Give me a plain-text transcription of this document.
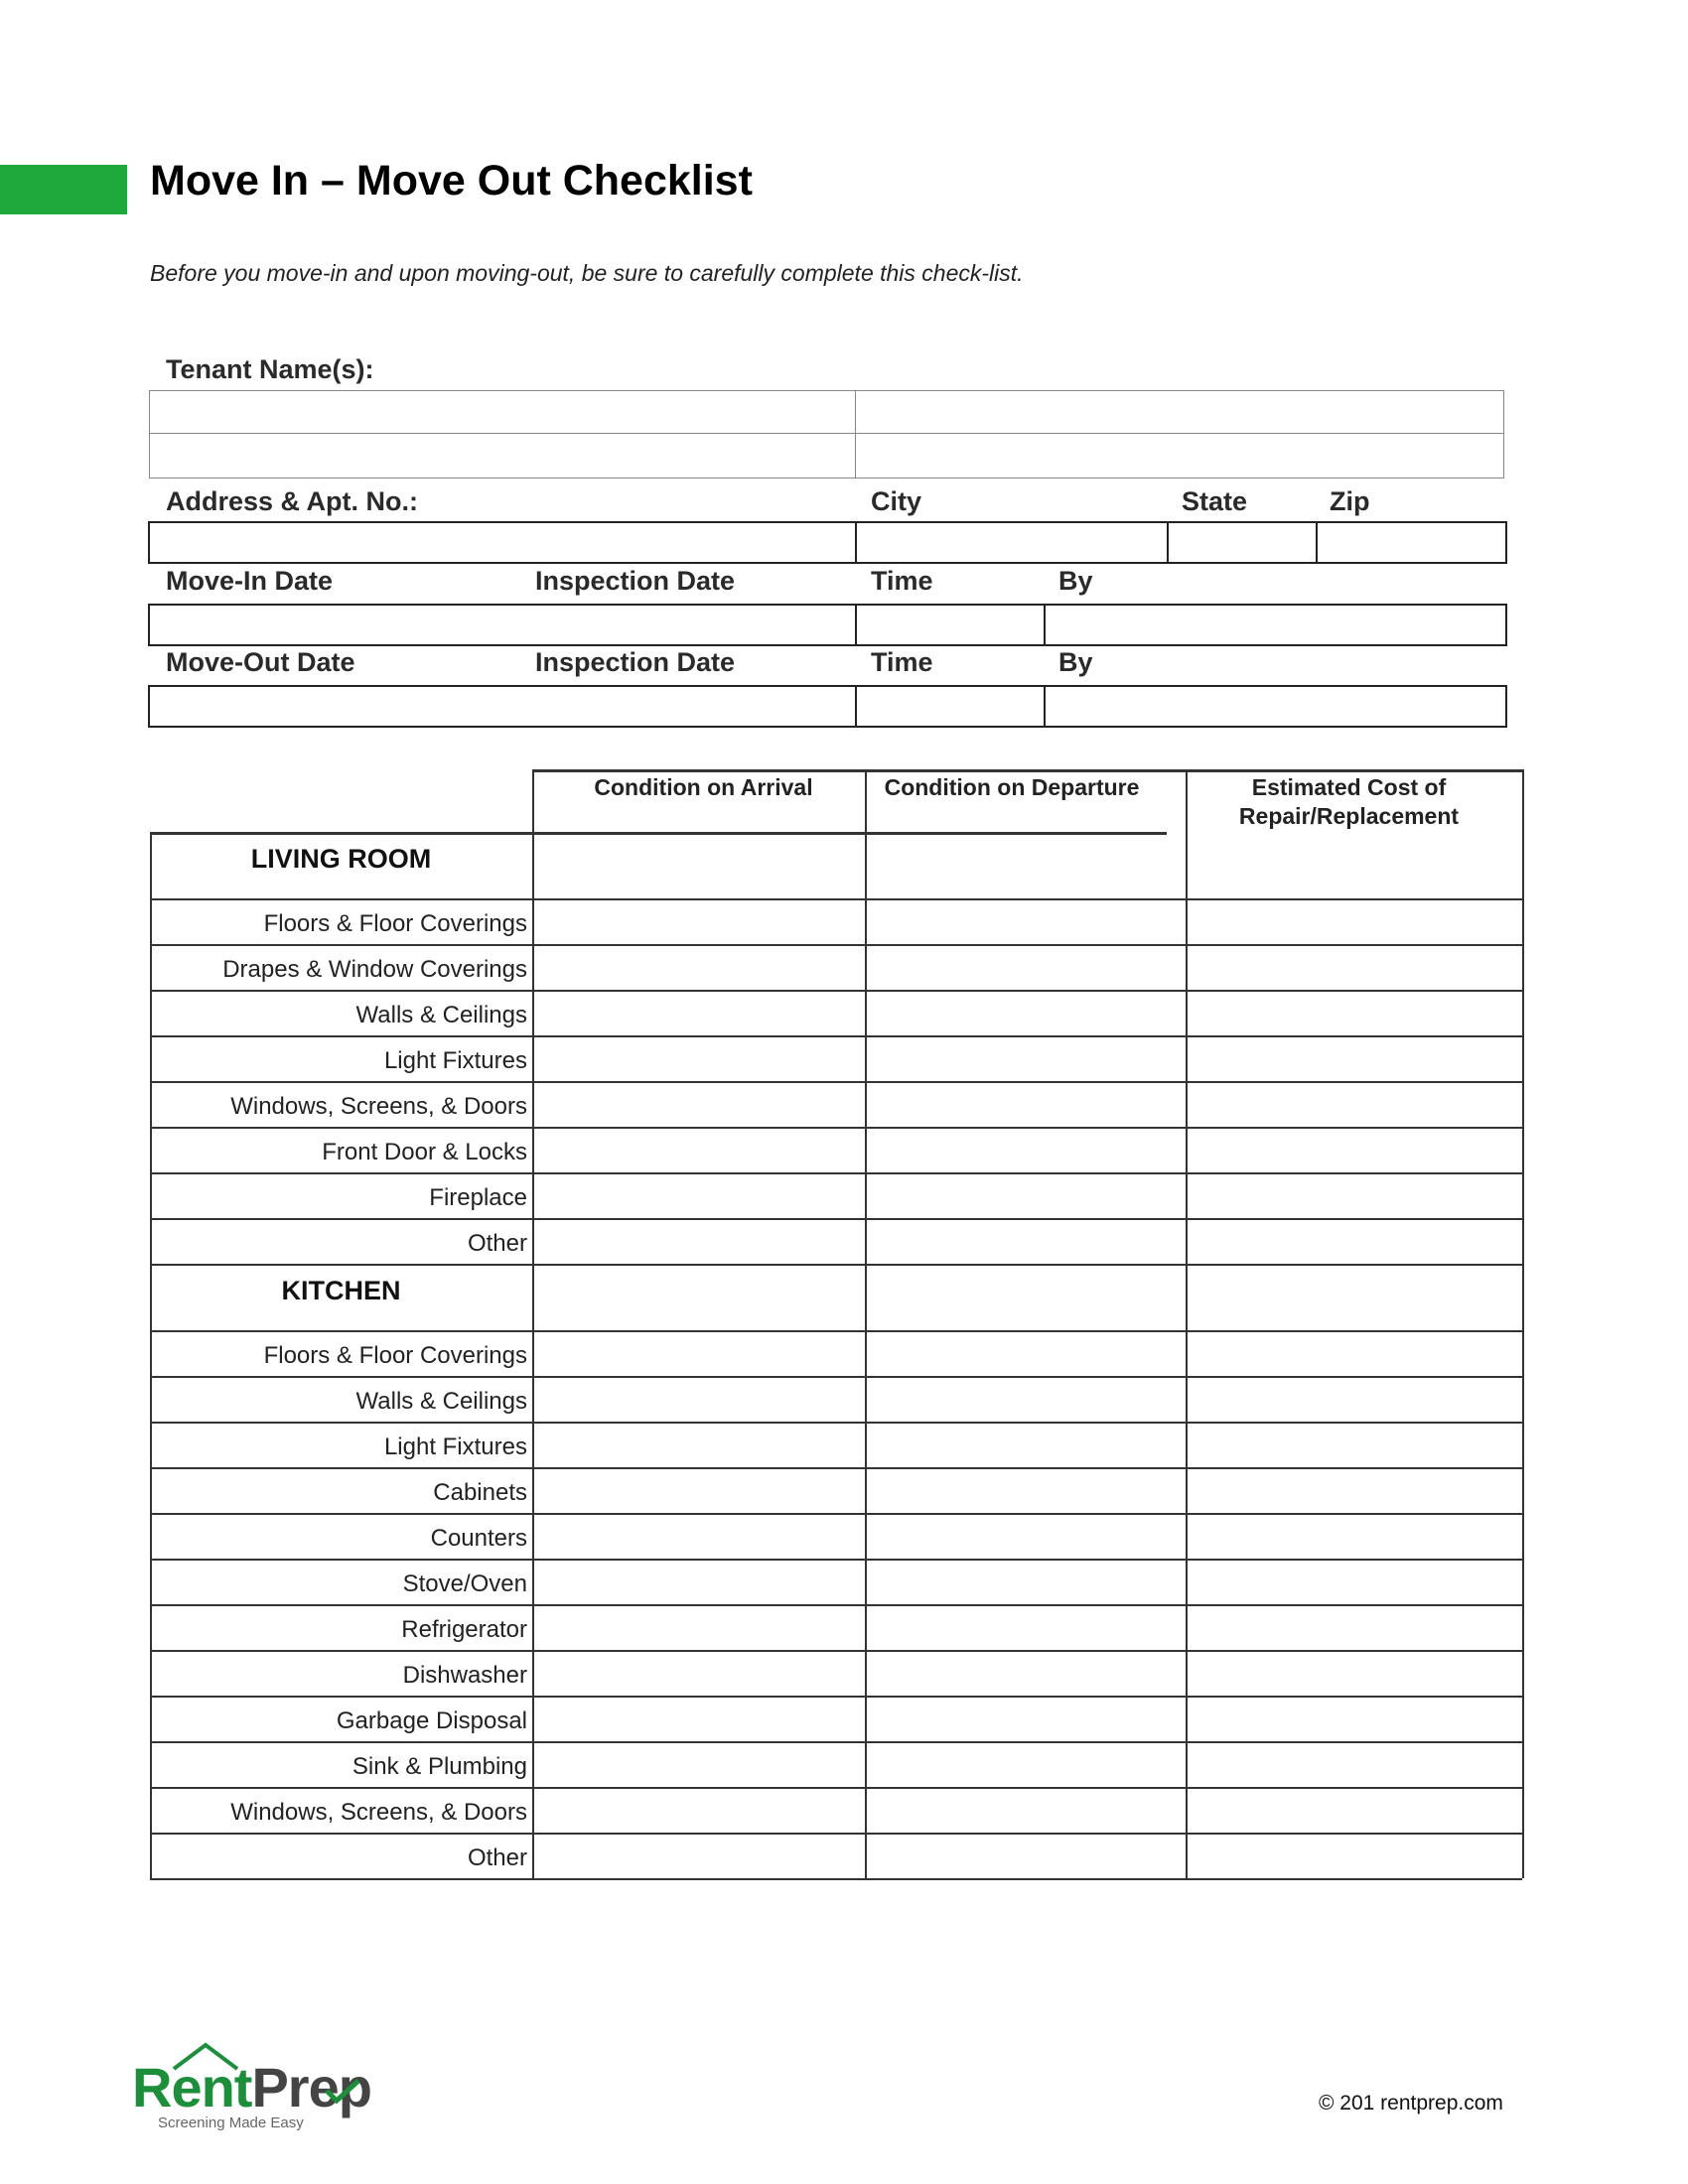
Move In – Move Out Checklist
Before you move-in and upon moving-out, be sure to carefully complete this check-list.
Tenant Name(s):
Address & Apt. No.:	City	State	Zip
Move-In Date	Inspection Date	Time	By
Move-Out Date	Inspection Date	Time	By
Condition on Arrival	Condition on Departure	Estimated Cost of
Repair/Replacement
LIVING ROOM
Floors & Floor Coverings
Drapes & Window Coverings
Walls & Ceilings
Light Fixtures
Windows, Screens, & Doors
Front Door & Locks
Fireplace
Other
KITCHEN
Floors & Floor Coverings
Walls & Ceilings
Light Fixtures
Cabinets
Counters
Stove/Oven
Refrigerator
Dishwasher
Garbage Disposal
Sink & Plumbing
Windows, Screens, & Doors
Other
RentPrep
Screening Made Easy
© 201 rentprep.com
